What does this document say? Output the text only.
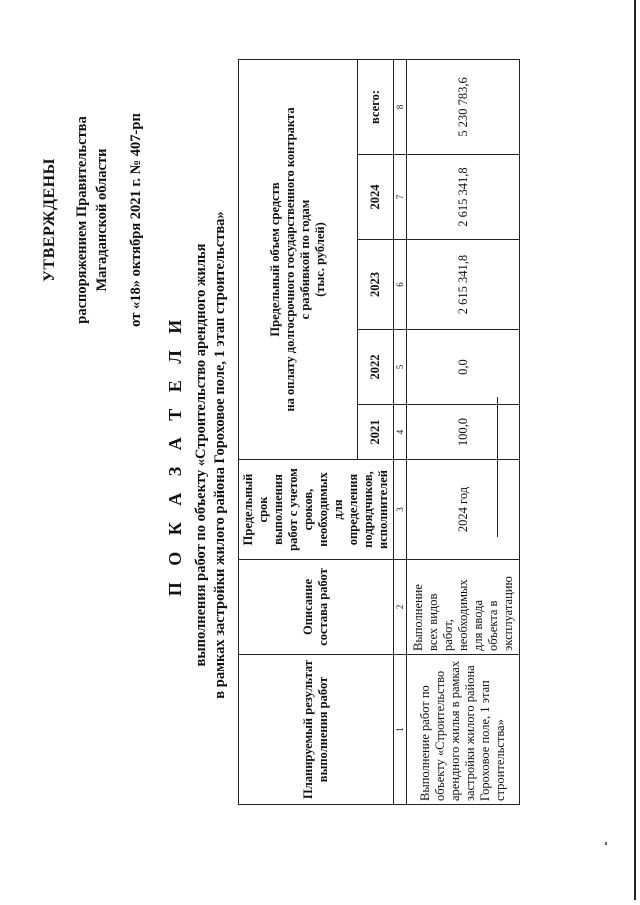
УТВЕРЖДЕНЫ распоряжением Правительства Магаданской области от «18» октября 2021 г. № 407-рп
П О К А З А Т Е Л И выполнения работ по объекту «Строительство арендного жилья в рамках застройки жилого района Гороховое поле, 1 этап строительства»
Планируемый результат выполнения работ	Описание состава работ	Предельный срок выполнения работ с учетом сроков, необходимых для определения подрядчиков, исполнителей	Предельный объем средств на оплату долгосрочного государственного контракта с разбивкой по годам (тыс. рублей)				

			2021	2022	2023	2024	всего:
1	2	3	4	5	6	7	8
Выполнение работ по объекту «Строительство арендного жилья в рамках застройки жилого района Гороховое поле, 1 этап строительства»	Выполнение всех видов работ, необходимых для ввода объекта в эксплуатацию	2024 год	100,0	0,0	2 615 341,8	2 615 341,8	5 230 783,6
